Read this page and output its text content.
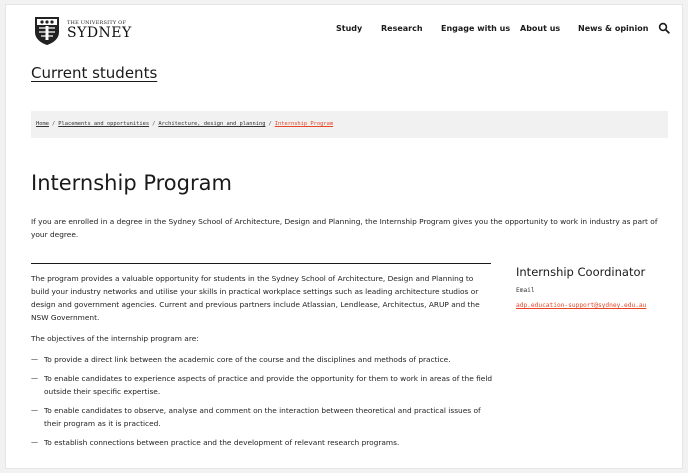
THE UNIVERSITY OF
SYDNEY	Study Research Engage with us About us News & opinion
Current students
Home / Placements and opportunities / Architecture, design and planning / Internship Program
Internship Program

If you are enrolled in a degree in the Sydney School of Architecture, Design and Planning, the Internship Program gives you the opportunity to work in industry as part of your degree.

The program provides a valuable opportunity for students in the Sydney School of Architecture, Design and Planning to build your industry networks and utilise your skills in practical workplace settings such as leading architecture studios or design and government agencies. Current and previous partners include Atlassian, Lendlease, Architectus, ARUP and the NSW Government.

The objectives of the internship program are:

— To provide a direct link between the academic core of the course and the disciplines and methods of practice.
— To enable candidates to experience aspects of practice and provide the opportunity for them to work in areas of the field outside their specific expertise.
— To enable candidates to observe, analyse and comment on the interaction between theoretical and practical issues of their program as it is practiced.
— To establish connections between practice and the development of relevant research programs.
Internship Coordinator
Email
adp.education-support@sydney.edu.au
